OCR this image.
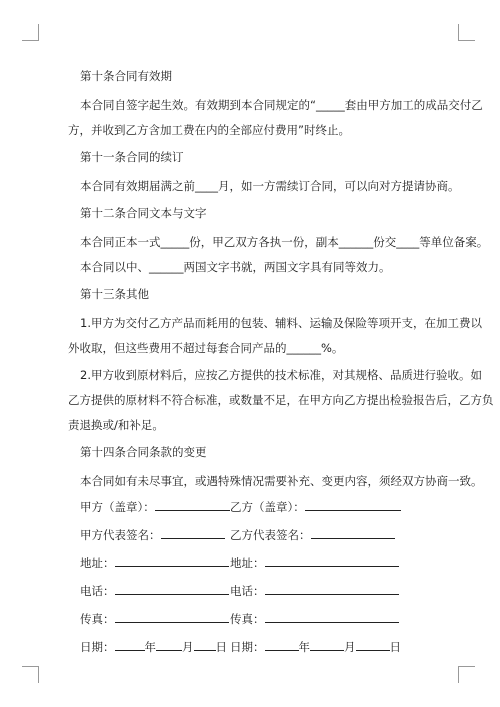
第十条合同有效期
本合同自签字起生效。有效期到本合同规定的“_____套由甲方加工的成品交付乙
方，并收到乙方含加工费在内的全部应付费用”时终止。
第十一条合同的续订
本合同有效期届满之前____月，如一方需续订合同，可以向对方提请协商。
第十二条合同文本与文字
本合同正本一式_____份，甲乙双方各执一份，副本______份交____等单位备案。
本合同以中、______两国文字书就，两国文字具有同等效力。
第十三条其他
1.甲方为交付乙方产品而耗用的包装、辅料、运输及保险等项开支，在加工费以
外收取，但这些费用不超过每套合同产品的______%。
2.甲方收到原材料后，应按乙方提供的技术标准，对其规格、品质进行验收。如
乙方提供的原材料不符合标准，或数量不足，在甲方向乙方提出检验报告后，乙方负
责退换或/和补足。
第十四条合同条款的变更
本合同如有未尽事宜，或遇特殊情况需要补充、变更内容，须经双方协商一致。
甲方（盖章）：	乙方（盖章）：
甲方代表签名：	乙方代表签名：
地址：	地址：
电话：	电话：
传真：	传真：
日期：	年 月 日 日期：	年	月	日
